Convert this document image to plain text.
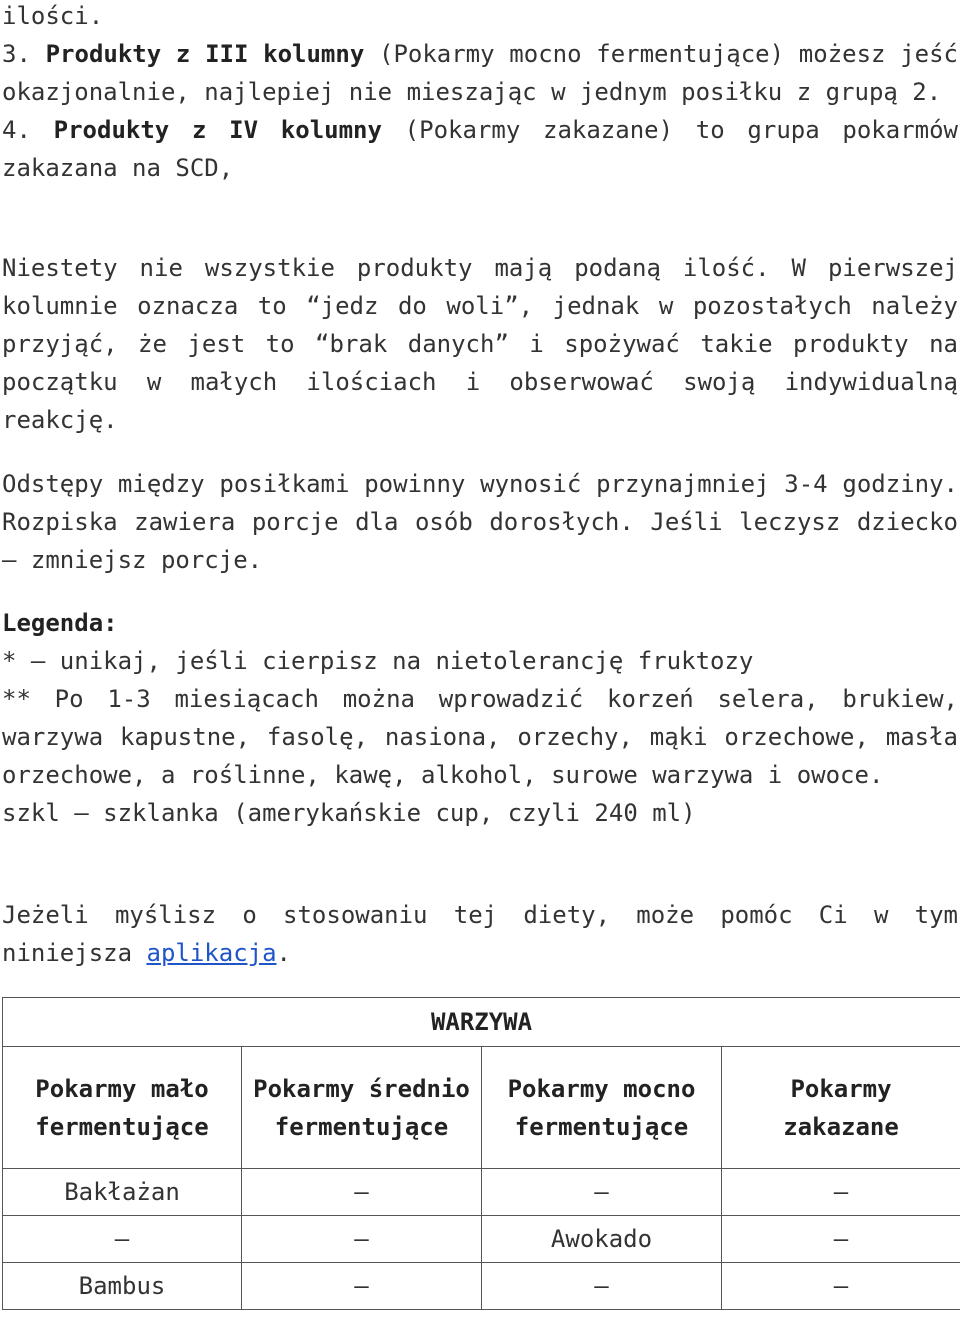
ilości.

3. Produkty z III kolumny (Pokarmy mocno fermentujące) możesz jeść okazjonalnie, najlepiej nie mieszając w jednym posiłku z grupą 2.

4. Produkty z IV kolumny (Pokarmy zakazane) to grupa pokarmów zakazana na SCD,

Niestety nie wszystkie produkty mają podaną ilość. W pierwszej kolumnie oznacza to “jedz do woli”, jednak w pozostałych należy przyjąć, że jest to “brak danych” i spożywać takie produkty na początku w małych ilościach i obserwować swoją indywidualną reakcję.

Odstępy między posiłkami powinny wynosić przynajmniej 3-4 godziny. Rozpiska zawiera porcje dla osób dorosłych. Jeśli leczysz dziecko – zmniejsz porcje.

Legenda:

* – unikaj, jeśli cierpisz na nietolerancję fruktozy

** Po 1-3 miesiącach można wprowadzić korzeń selera, brukiew, warzywa kapustne, fasolę, nasiona, orzechy, mąki orzechowe, masła orzechowe, a roślinne, kawę, alkohol, surowe warzywa i owoce.

szkl – szklanka (amerykańskie cup, czyli 240 ml)

Jeżeli myślisz o stosowaniu tej diety, może pomóc Ci w tym niniejsza aplikacja.

WARZYWA			
Pokarmy mało fermentujące	Pokarmy średnio fermentujące	Pokarmy mocno fermentujące	Pokarmy zakazane
Bakłażan	–	–	–
–	–	Awokado	–
Bambus	–	–	–
